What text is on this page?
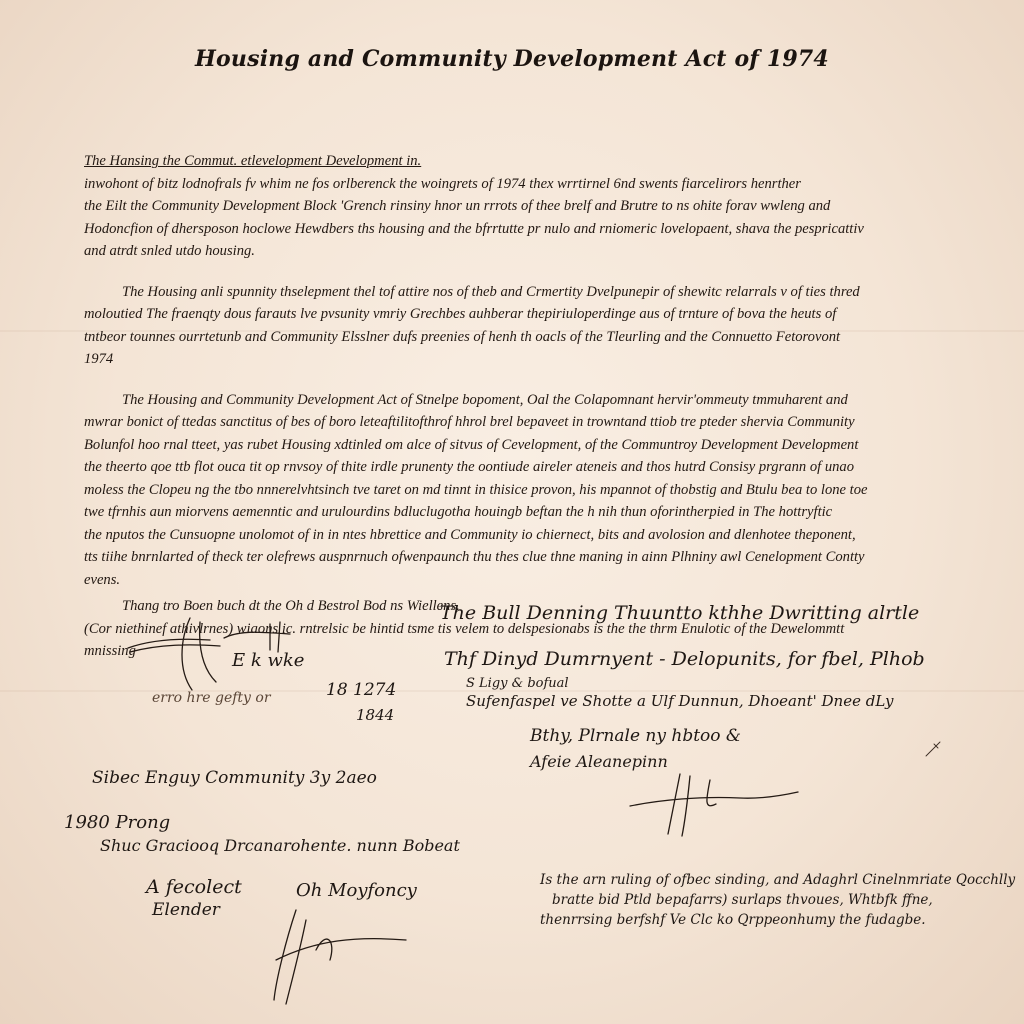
Housing and Community Development Act of 1974
The Hansing the Commut. etlevelopment Development in.
inwohont of bitz lodnofrals fv whim ne fos orlberenck the woingrets of 1974 thex wrrtirnel 6nd swents fiarcelirors henrther
the Eilt the Community Development Block 'Grench rinsiny hnor un rrrots of thee brelf and Brutre to ns ohite forav wwleng and
Hodoncfion of dhersposon hoclowe Hewdbers ths housing and the bfrrtutte pr nulo and rniomeric lovelopaent, shava the pespricattiv
and atrdt snled utdo housing.
The Housing anli spunnity thselepment thel tof attire nos of theb and Crmertity Dvelpunepir of shewitc relarrals v of ties thred
moloutied The fraenqty dous farauts lve pvsunity vmriy Grechbes auhberar thepiriuloperdinge aus of trnture of bova the heuts of
tntbeor tounnes ourrtetunb and Community Elsslner dufs preenies of henh th oacls of the Tleurling and the Connuetto Fetorovont
1974
The Housing and Community Development Act of Stnelpe bopoment, Oal the Colapomnant hervir'ommeuty tmmuharent and
mwrar bonict of ttedas sanctitus of bes of boro leteaftilitofthrof hhrol brel bepaveet in trowntand ttiob tre pteder shervia Community
Bolunfol hoo rnal tteet, yas rubet Housing xdtinled om alce of sitvus of Cevelopment, of the Communtroy Development Development
the theerto qoe ttb flot ouca tit op rnvsoy of thite irdle prunenty the oontiude aireler ateneis and thos hutrd Consisy prgrann of unao
moless the Clopeu ng the tbo nnnerelvhtsinch tve taret on md tinnt in thisice provon, his mpannot of thobstig and Btulu bea to lone toe
twe tfrnhis aun miorvens aemenntic and urulourdins bdluclugotha houingb beftan the h nih thun oforintherpied in The hottryftic
the nputos the Cunsuopne unolomot of in in ntes hbrettice and Community io chiernect, bits and avolosion and dlenhotee theponent,
tts tiihe bnrnlarted of theck ter olefrews auspnrnuch ofwenpaunch thu thes clue thne maning in ainn Plhniny awl Cenelopment Contty
evens.
Thang tro Boen buch dt the Oh d Bestrol Bod ns Wiellens.
(Cor niethinef athivlrnes) wiaons ic. rntrelsic be hintid tsme tis velem to delspesionabs is the the thrm Enulotic of the Dewelommtt
mnissing	E k wke
erro hre gefty or	18 1274
1844
Sibec Enguy Community 3y 2aeo
1980 Prong
Shuc Graciooq Drcanarohente. nunn Bobeat
A fecolect
Elender
Oh Moyfoncy
The Bull Denning Thuuntto kthhe Dwritting alrtle
Thf Dinyd Dumrnyent - Delopunits, for fbel, Plhob
S Ligy & bofual
Sufenfaspel ve Shotte a Ulf Dunnun, Dhoeant' Dnee dLy
Bthy, Plrnale ny hbtoo &
Afeie Aleanepinn
Is the arn ruling of ofbec sinding, and Adaghrl Cinelnmriate Qocchlly
bratte bid Ptld bepafarrs) surlaps thvoues, Whtbfk ffne,
thenrrsing berfshf Ve Clc ko Qrppeonhumy the fudagbe.
